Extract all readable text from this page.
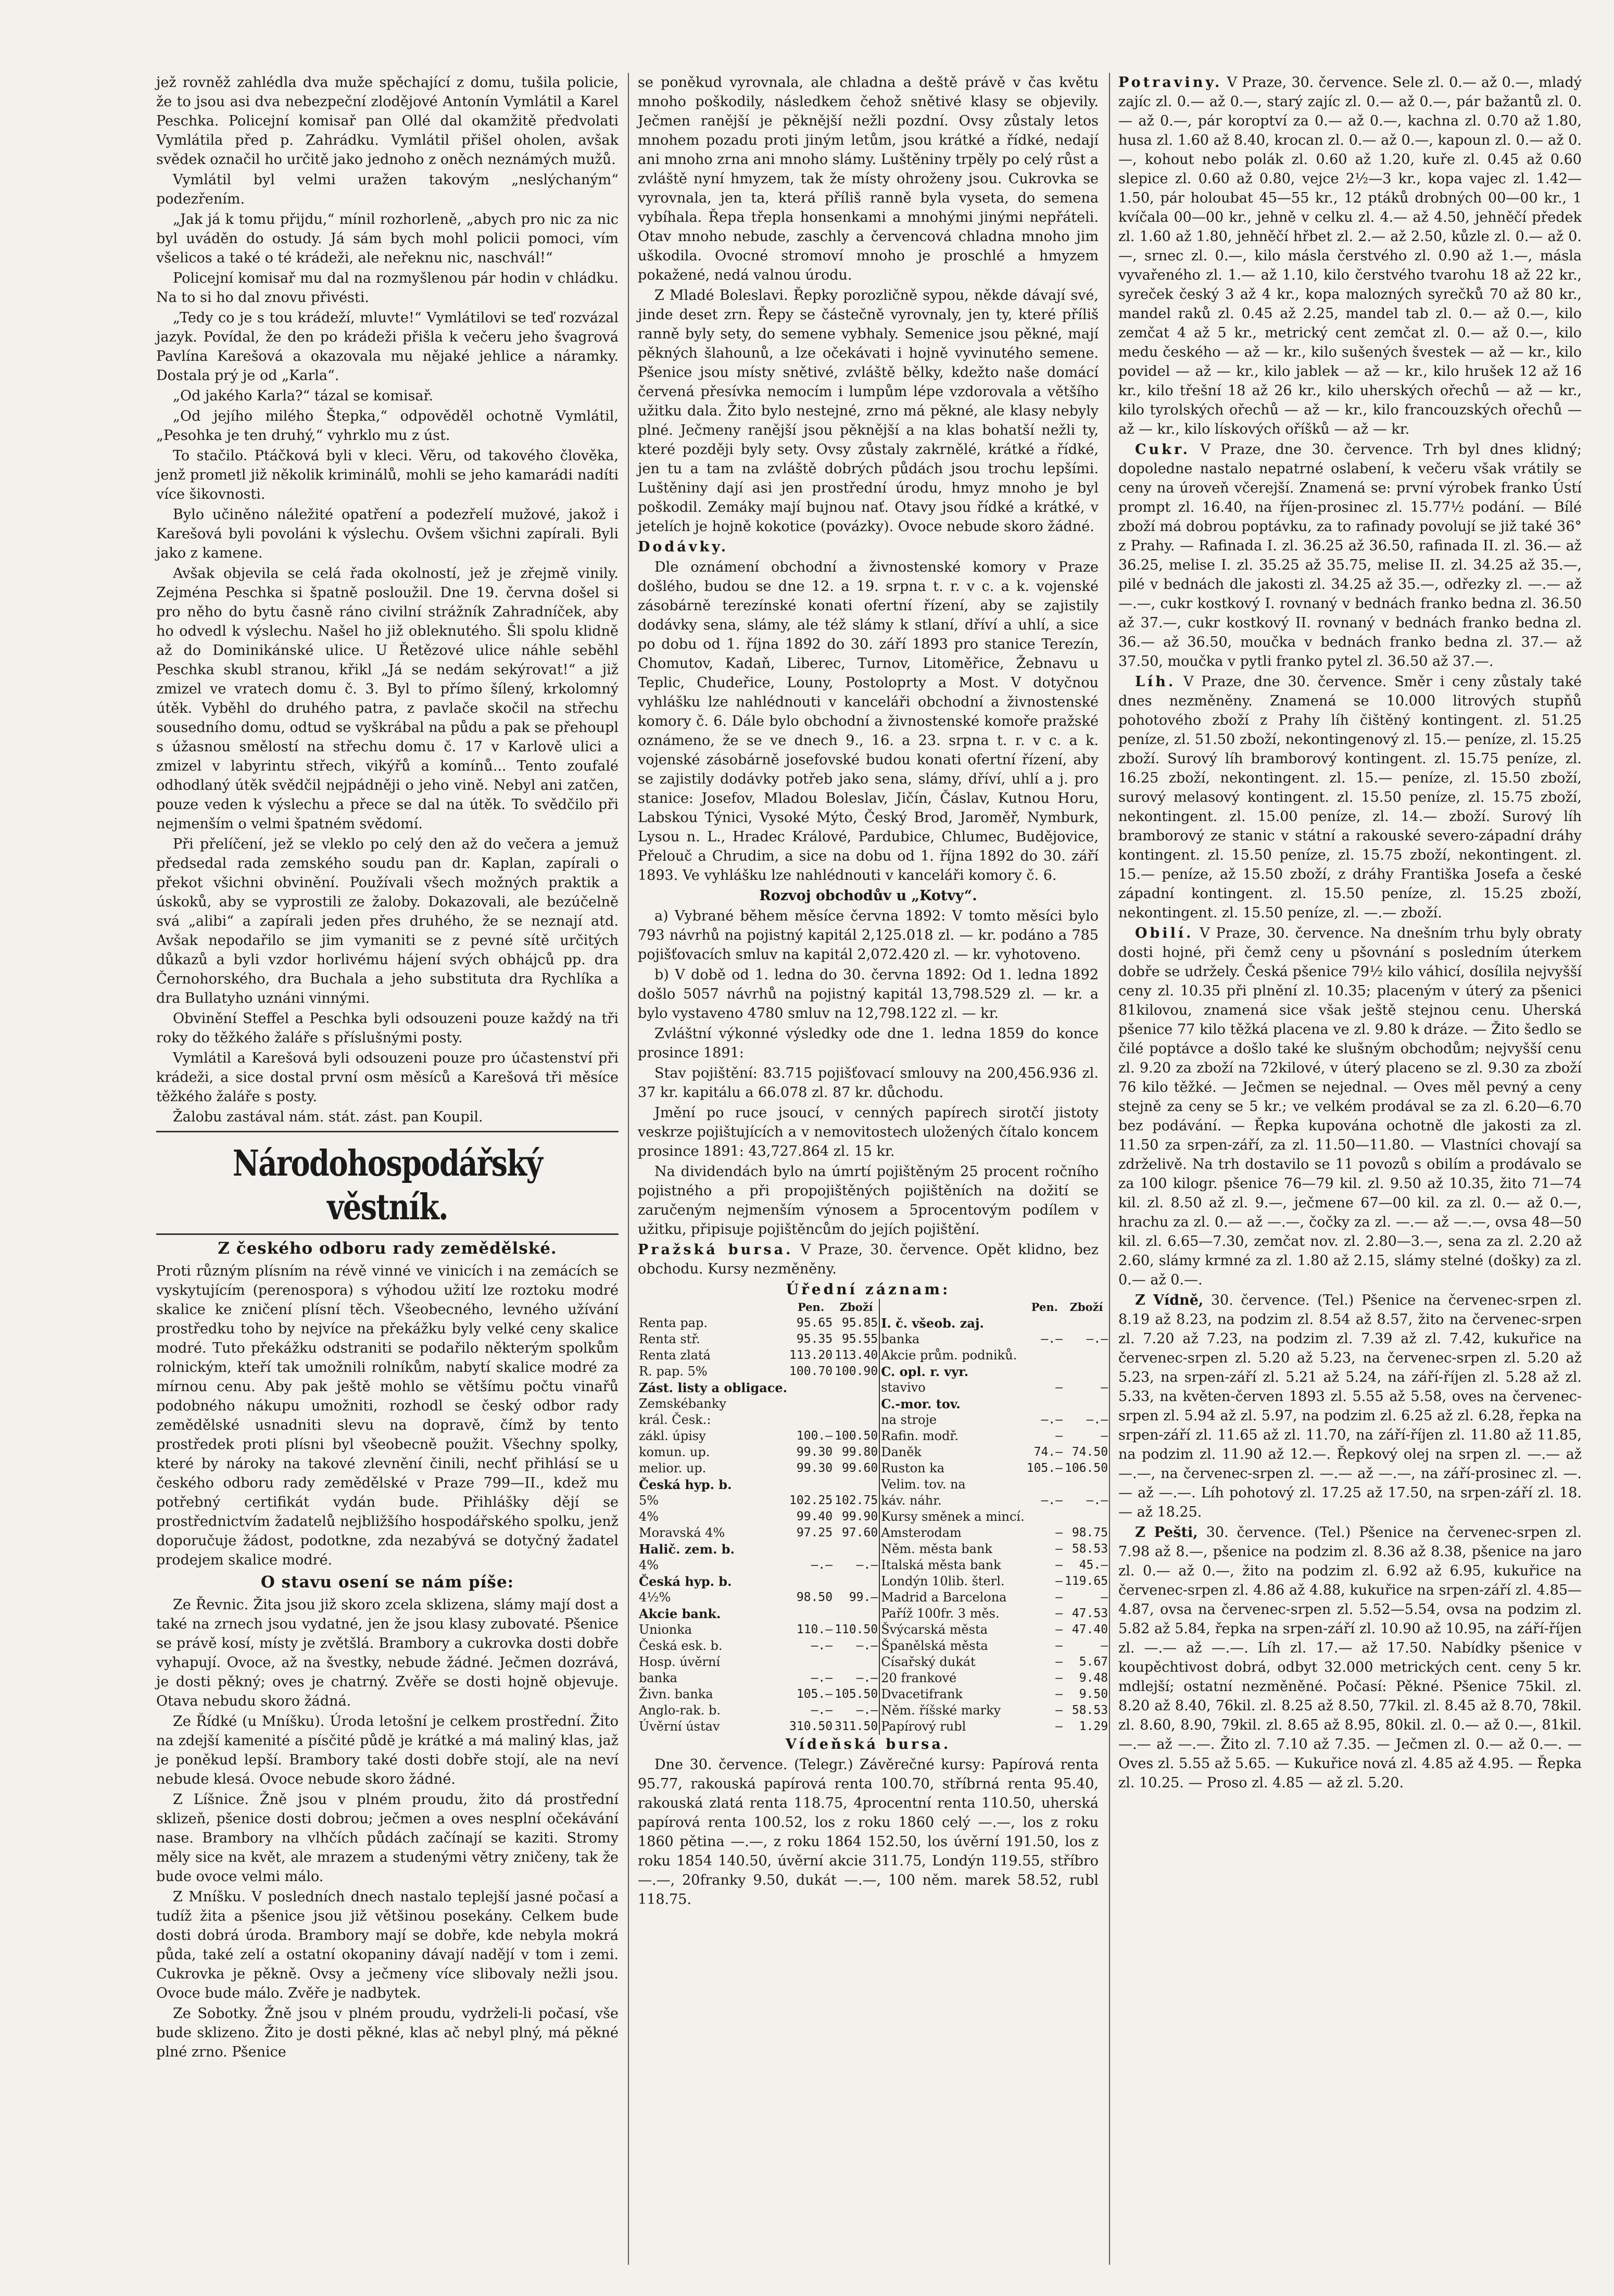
jež rovněž zahlédla dva muže spěchající z domu, tušila policie, že to jsou asi dva nebezpeční zlodějové Antonín Vymlátil a Karel Peschka. Policejní komisař pan Ollé dal okamžitě předvolati Vymlátila před p. Zahrádku. Vymlátil přišel oholen, avšak svědek označil ho určitě jako jednoho z oněch neznámých mužů.

Vymlátil byl velmi uražen takovým „neslýchaným“ podezřením.

„Jak já k tomu přijdu,“ mínil rozhorleně, „abych pro nic za nic byl uváděn do ostudy. Já sám bych mohl policii pomoci, vím všelicos a také o té krádeži, ale neřeknu nic, naschvál!“

Policejní komisař mu dal na rozmyšlenou pár hodin v chládku. Na to si ho dal znovu přivésti.

„Tedy co je s tou krádeží, mluvte!“ Vymlátilovi se teď rozvázal jazyk. Povídal, že den po krádeži přišla k večeru jeho švagrová Pavlína Karešová a okazovala mu nějaké jehlice a náramky. Dostala prý je od „Karla“.

„Od jakého Karla?“ tázal se komisař.

„Od jejího milého Štepka,“ odpověděl ochotně Vymlátil, „Pesohka je ten druhý,“ vyhrklo mu z úst.

To stačilo. Ptáčková byli v kleci. Věru, od takového člověka, jenž prometl již několik kriminálů, mohli se jeho kamarádi nadíti více šikovnosti.

Bylo učiněno náležité opatření a podezřelí mužové, jakož i Karešová byli povoláni k výslechu. Ovšem všichni zapírali. Byli jako z kamene.

Avšak objevila se celá řada okolností, jež je zřejmě vinily. Zejména Peschka si špatně posloužil. Dne 19. června došel si pro něho do bytu časně ráno civilní strážník Zahradníček, aby ho odvedl k výslechu. Našel ho již obleknutého. Šli spolu klidně až do Dominikánské ulice. U Řetězové ulice náhle seběhl Peschka skubl stranou, křikl „Já se nedám sekýrovat!“ a již zmizel ve vratech domu č. 3. Byl to přímo šílený, krkolomný útěk. Vyběhl do druhého patra, z pavlače skočil na střechu sousedního domu, odtud se vyškrábal na půdu a pak se přehoupl s úžasnou smělostí na střechu domu č. 17 v Karlově ulici a zmizel v labyrintu střech, vikýřů a komínů... Tento zoufalé odhodlaný útěk svědčil nejpádněji o jeho vině. Nebyl ani zatčen, pouze veden k výslechu a přece se dal na útěk. To svědčilo při nejmenším o velmi špatném svědomí.

Při přelíčení, jež se vleklo po celý den až do večera a jemuž předsedal rada zemského soudu pan dr. Kaplan, zapírali o překot všichni obvinění. Používali všech možných praktik a úskoků, aby se vyprostili ze žaloby. Dokazovali, ale bezúčelně svá „alibi“ a zapírali jeden přes druhého, že se neznají atd. Avšak nepodařilo se jim vymaniti se z pevné sítě určitých důkazů a byli vzdor horlivému hájení svých obhájců pp. dra Černohorského, dra Buchala a jeho substituta dra Rychlíka a dra Bullatyho uznáni vinnými.

Obvinění Steffel a Peschka byli odsouzeni pouze každý na tři roky do těžkého žaláře s příslušnými posty.

Vymlátil a Karešová byli odsouzeni pouze pro účastenství při krádeži, a sice dostal první osm měsíců a Karešová tři měsíce těžkého žaláře s posty.

Žalobu zastával nám. stát. zást. pan Koupil.

Národohospodářský věstník.
Z českého odboru rady zemědělské.

Proti různým plísním na révě vinné ve vinicích i na zemácích se vyskytujícím (perenospora) s výhodou užití lze roztoku modré skalice ke zničení plísní těch. Všeobecného, levného užívání prostředku toho by nejvíce na překážku byly velké ceny skalice modré. Tuto překážku odstraniti se podařilo některým spolkům rolnickým, kteří tak umožnili rolníkům, nabytí skalice modré za mírnou cenu. Aby pak ještě mohlo se většímu počtu vinařů podobného nákupu umožniti, rozhodl se český odbor rady zemědělské usnadniti slevu na dopravě, čímž by tento prostředek proti plísni byl všeobecně použit. Všechny spolky, které by nároky na takové zlevnění činili, nechť přihlásí se u českého odboru rady zemědělské v Praze 799—II., kdež mu potřebný certifikát vydán bude. Přihlášky dějí se prostřednictvím žadatelů nejbližšího hospodářského spolku, jenž doporučuje žádost, podotkne, zda nezabývá se dotyčný žadatel prodejem skalice modré.

O stavu osení se nám píše:

Ze Řevnic. Žita jsou již skoro zcela sklizena, slámy mají dost a také na zrnech jsou vydatné, jen že jsou klasy zubovaté. Pšenice se právě kosí, místy je zvětšlá. Brambory a cukrovka dosti dobře vyhapují. Ovoce, až na švestky, nebude žádné. Ječmen dozrává, je dosti pěkný; oves je chatrný. Zvěře se dosti hojně objevuje. Otava nebudu skoro žádná.

Ze Řídké (u Mníšku). Úroda letošní je celkem prostřední. Žito na zdejší kamenité a písčité půdě je krátké a má maliný klas, jaž je poněkud lepší. Brambory také dosti dobře stojí, ale na neví nebude klesá. Ovoce nebude skoro žádné.

Z Líšnice. Žně jsou v plném proudu, žito dá prostřední sklizeň, pšenice dosti dobrou; ječmen a oves nesplní očekávání nase. Brambory na vlhčích půdách začínají se kaziti. Stromy měly sice na květ, ale mrazem a studenými větry zničeny, tak že bude ovoce velmi málo.

Z Mníšku. V posledních dnech nastalo teplejší jasné počasí a tudíž žita a pšenice jsou již většinou posekány. Celkem bude dosti dobrá úroda. Brambory mají se dobře, kde nebyla mokrá půda, také zelí a ostatní okopaniny dávají nadějí v tom i zemi. Cukrovka je pěkně. Ovsy a ječmeny více slibovaly nežli jsou. Ovoce bude málo. Zvěře je nadbytek.

Ze Sobotky. Žně jsou v plném proudu, vydrželi-li počasí, vše bude sklizeno. Žito je dosti pěkné, klas ač nebyl plný, má pěkné plné zrno. Pšenice

se poněkud vyrovnala, ale chladna a deště právě v čas květu mnoho poškodily, následkem čehož snětivé klasy se objevily. Ječmen ranější je pěknější nežli pozdní. Ovsy zůstaly letos mnohem pozadu proti jiným letům, jsou krátké a řídké, nedají ani mnoho zrna ani mnoho slámy. Luštěniny trpěly po celý růst a zvláště nyní hmyzem, tak že místy ohroženy jsou. Cukrovka se vyrovnala, jen ta, která příliš ranně byla vyseta, do semena vybíhala. Řepa třepla honsenkami a mnohými jinými nepřáteli. Otav mnoho nebude, zaschly a červencová chladna mnoho jim uškodila. Ovocné stromoví mnoho je proschlé a hmyzem pokažené, nedá valnou úrodu.

Z Mladé Boleslavi. Řepky porozličně sypou, někde dávají své, jinde deset zrn. Řepy se částečně vyrovnaly, jen ty, které příliš ranně byly sety, do semene vybhaly. Semenice jsou pěkné, mají pěkných šlahounů, a lze očekávati i hojně vyvinutého semene. Pšenice jsou místy snětivé, zvláště bělky, kdežto naše domácí červená přesívka nemocím i lumpům lépe vzdorovala a většího užitku dala. Žito bylo nestejné, zrno má pěkné, ale klasy nebyly plné. Ječmeny ranější jsou pěknější a na klas bohatší nežli ty, které později byly sety. Ovsy zůstaly zakrnělé, krátké a řídké, jen tu a tam na zvláště dobrých půdách jsou trochu lepšími. Luštěniny dají asi jen prostřední úrodu, hmyz mnoho je byl poškodil. Zemáky mají bujnou nať. Otavy jsou řídké a krátké, v jetelích je hojně kokotice (povázky). Ovoce nebude skoro žádné.

Dodávky.

Dle oznámení obchodní a živnostenské komory v Praze došlého, budou se dne 12. a 19. srpna t. r. v c. a k. vojenské zásobárně terezínské konati ofertní řízení, aby se zajistily dodávky sena, slámy, ale též slámy k stlaní, dříví a uhlí, a sice po dobu od 1. října 1892 do 30. září 1893 pro stanice Terezín, Chomutov, Kadaň, Liberec, Turnov, Litoměřice, Žebnavu u Teplic, Chudeřice, Louny, Postoloprty a Most. V dotyčnou vyhlášku lze nahlédnouti v kanceláři obchodní a živnostenské komory č. 6. Dále bylo obchodní a živnostenské komoře pražské oznámeno, že se ve dnech 9., 16. a 23. srpna t. r. v c. a k. vojenské zásobárně josefovské budou konati ofertní řízení, aby se zajistily dodávky potřeb jako sena, slámy, dříví, uhlí a j. pro stanice: Josefov, Mladou Boleslav, Jičín, Čáslav, Kutnou Horu, Labskou Týnici, Vysoké Mýto, Český Brod, Jaroměř, Nymburk, Lysou n. L., Hradec Králové, Pardubice, Chlumec, Budějovice, Přelouč a Chrudim, a sice na dobu od 1. října 1892 do 30. září 1893. Ve vyhlášku lze nahlédnouti v kanceláři komory č. 6.

Rozvoj obchodův u „Kotvy“.

a) Vybrané během měsíce června 1892: V tomto měsíci bylo 793 návrhů na pojistný kapitál 2,125.018 zl. — kr. podáno a 785 pojišťovacích smluv na kapitál 2,072.420 zl. — kr. vyhotoveno.

b) V době od 1. ledna do 30. června 1892: Od 1. ledna 1892 došlo 5057 návrhů na pojistný kapitál 13,798.529 zl. — kr. a bylo vystaveno 4780 smluv na 12,798.122 zl. — kr.

Zvláštní výkonné výsledky ode dne 1. ledna 1859 do konce prosince 1891:

Stav pojištění: 83.715 pojišťovací smlouvy na 200,456.936 zl. 37 kr. kapitálu a 66.078 zl. 87 kr. důchodu.

Jmění po ruce jsoucí, v cenných papírech sirotčí jistoty veskrze pojištujících a v nemovitostech uložených čítalo koncem prosince 1891: 43,727.864 zl. 15 kr.

Na dividendách bylo na úmrtí pojištěným 25 procent ročního pojistného a při propojištěných pojištěních na dožití se zaručeným nejmenším výnosem a 5procentovým podílem v užitku, připisuje pojištěncům do jejích pojištění.

Pražská bursa. V Praze, 30. července. Opět klidno, bez obchodu. Kursy nezměněny.

Úřední záznam:
	Pen.	Zboží		Pen.	Zboží
Renta pap.	95.65	95.85	I. č. všeob. zaj.		
Renta stř.	95.35	95.55	banka	—.—	—.—
Renta zlatá	113.20	113.40	Akcie prům. podniků.		
R. pap. 5%	100.70	100.90	C. opl. r. vyr.		
Zást. listy a obligace.			stavivo	—	—
Zemskébanky			C.-mor. tov.		
král. Česk.:			na stroje	—.—	—.—
zákl. úpisy	100.—	100.50	Rafin. modř.	—	—
komun. up.	99.30	99.80	Daněk	74.—	74.50
melior. up.	99.30	99.60	Ruston ka	105.—	106.50
Česká hyp. b.			Velim. tov. na		
5%	102.25	102.75	káv. náhr.	—.—	—.—
4%	99.40	99.90	Kursy směnek a mincí.		
Moravská 4%	97.25	97.60	Amsterodam	—	98.75
Halič. zem. b.			Něm. města bank	—	58.53
4%	—.—	—.—	Italská města bank	—	45.—
Česká hyp. b.			Londýn 10lib. šterl.	—	119.65
4½%	98.50	99.—	Madrid a Barcelona	—	—
Akcie bank.			Paříž 100fr. 3 měs.	—	47.53
Unionka	110.—	110.50	Švýcarská města	—	47.40
Česká esk. b.	—.—	—.—	Španělská města	—	—
Hosp. úvěrní			Císařský dukát	—	5.67
banka	—.—	—.—	20 frankové	—	9.48
Živn. banka	105.—	105.50	Dvacetifrank	—	9.50
Anglo-rak. b.	—.—	—.—	Něm. říšské marky	—	58.53
Úvěrní ústav	310.50	311.50	Papírový rubl	—	1.29

Vídeňská bursa.

Dne 30. července. (Telegr.) Závěrečné kursy: Papírová renta 95.77, rakouská papírová renta 100.70, stříbrná renta 95.40, rakouská zlatá renta 118.75, 4procentní renta 110.50, uherská papírová renta 100.52, los z roku 1860 celý —.—, los z roku 1860 pětina —.—, z roku 1864 152.50, los úvěrní 191.50, los z roku 1854 140.50, úvěrní akcie 311.75, Londýn 119.55, stříbro —.—, 20franky 9.50, dukát —.—, 100 něm. marek 58.52, rubl 118.75.

Potraviny. V Praze, 30. července. Sele zl. 0.— až 0.—, mladý zajíc zl. 0.— až 0.—, starý zajíc zl. 0.— až 0.—, pár bažantů zl. 0.— až 0.—, pár koroptví za 0.— až 0.—, kachna zl. 0.70 až 1.80, husa zl. 1.60 až 8.40, krocan zl. 0.— až 0.—, kapoun zl. 0.— až 0.—, kohout nebo polák zl. 0.60 až 1.20, kuře zl. 0.45 až 0.60 slepice zl. 0.60 až 0.80, vejce 2½—3 kr., kopa vajec zl. 1.42—1.50, pár holoubat 45—55 kr., 12 ptáků drobných 00—00 kr., 1 kvíčala 00—00 kr., jehně v celku zl. 4.— až 4.50, jehněčí předek zl. 1.60 až 1.80, jehněčí hřbet zl. 2.— až 2.50, kůzle zl. 0.— až 0.—, srnec zl. 0.—, kilo másla čerstvého zl. 0.90 až 1.—, másla vyvařeného zl. 1.— až 1.10, kilo čerstvého tvarohu 18 až 22 kr., syreček český 3 až 4 kr., kopa malozných syrečků 70 až 80 kr., mandel raků zl. 0.45 až 2.25, mandel tab zl. 0.— až 0.—, kilo zemčat 4 až 5 kr., metrický cent zemčat zl. 0.— až 0.—, kilo medu českého — až — kr., kilo sušených švestek — až — kr., kilo povidel — až — kr., kilo jablek — až — kr., kilo hrušek 12 až 16 kr., kilo třešní 18 až 26 kr., kilo uherských ořechů — až — kr., kilo tyrolských ořechů — až — kr., kilo francouzských ořechů — až — kr., kilo lískových oříšků — až — kr.

Cukr. V Praze, dne 30. července. Trh byl dnes klidný; dopoledne nastalo nepatrné oslabení, k večeru však vrátily se ceny na úroveň včerejší. Znamená se: první výrobek franko Ústí prompt zl. 16.40, na říjen-prosinec zl. 15.77½ podání. — Bílé zboží má dobrou poptávku, za to rafinady povolují se již také 36° z Prahy. — Rafinada I. zl. 36.25 až 36.50, rafinada II. zl. 36.— až 36.25, melise I. zl. 35.25 až 35.75, melise II. zl. 34.25 až 35.—, pilé v bednách dle jakosti zl. 34.25 až 35.—, odřezky zl. —.— až —.—, cukr kostkový I. rovnaný v bednách franko bedna zl. 36.50 až 37.—, cukr kostkový II. rovnaný v bednách franko bedna zl. 36.— až 36.50, moučka v bednách franko bedna zl. 37.— až 37.50, moučka v pytli franko pytel zl. 36.50 až 37.—.

Líh. V Praze, dne 30. července. Směr i ceny zůstaly také dnes nezměněny. Znamená se 10.000 litrových stupňů pohotového zboží z Prahy líh čištěný kontingent. zl. 51.25 peníze, zl. 51.50 zboží, nekontingenový zl. 15.— peníze, zl. 15.25 zboží. Surový líh bramborový kontingent. zl. 15.75 peníze, zl. 16.25 zboží, nekontingent. zl. 15.— peníze, zl. 15.50 zboží, surový melasový kontingent. zl. 15.50 peníze, zl. 15.75 zboží, nekontingent. zl. 15.00 peníze, zl. 14.— zboží. Surový líh bramborový ze stanic v státní a rakouské severo-západní dráhy kontingent. zl. 15.50 peníze, zl. 15.75 zboží, nekontingent. zl. 15.— peníze, až 15.50 zboží, z dráhy Františka Josefa a české západní kontingent. zl. 15.50 peníze, zl. 15.25 zboží, nekontingent. zl. 15.50 peníze, zl. —.— zboží.

Obilí. V Praze, 30. července. Na dnešním trhu byly obraty dosti hojné, při čemž ceny u pšovnání s posledním úterkem dobře se udržely. Česká pšenice 79½ kilo váhicí, dosílila nejvyšší ceny zl. 10.35 při plnění zl. 10.35; placeným v úterý za pšenici 81kilovou, znamená sice však ještě stejnou cenu. Uherská pšenice 77 kilo těžká placena ve zl. 9.80 k dráze. — Žito šedlo se čilé poptávce a došlo také ke slušným obchodům; nejvyšší cenu zl. 9.20 za zboží na 72kilové, v úterý placeno se zl. 9.30 za zboží 76 kilo těžké. — Ječmen se nejednal. — Oves měl pevný a ceny stejně za ceny se 5 kr.; ve velkém prodával se za zl. 6.20—6.70 bez podávání. — Řepka kupována ochotně dle jakosti za zl. 11.50 za srpen-září, za zl. 11.50—11.80. — Vlastníci chovají sa zdrželivě. Na trh dostavilo se 11 povozů s obilím a prodávalo se za 100 kilogr. pšenice 76—79 kil. zl. 9.50 až 10.35, žito 71—74 kil. zl. 8.50 až zl. 9.—, ječmene 67—00 kil. za zl. 0.— až 0.—, hrachu za zl. 0.— až —.—, čočky za zl. —.— až —.—, ovsa 48—50 kil. zl. 6.65—7.30, zemčat nov. zl. 2.80—3.—, sena za zl. 2.20 až 2.60, slámy krmné za zl. 1.80 až 2.15, slámy stelné (došky) za zl. 0.— až 0.—.

Z Vídně, 30. července. (Tel.) Pšenice na červenec-srpen zl. 8.19 až 8.23, na podzim zl. 8.54 až 8.57, žito na červenec-srpen zl. 7.20 až 7.23, na podzim zl. 7.39 až zl. 7.42, kukuřice na červenec-srpen zl. 5.20 až 5.23, na červenec-srpen zl. 5.20 až 5.23, na srpen-září zl. 5.21 až 5.24, na září-říjen zl. 5.28 až zl. 5.33, na květen-červen 1893 zl. 5.55 až 5.58, oves na červenec-srpen zl. 5.94 až zl. 5.97, na podzim zl. 6.25 až zl. 6.28, řepka na srpen-září zl. 11.65 až zl. 11.70, na září-říjen zl. 11.80 až 11.85, na podzim zl. 11.90 až 12.—. Řepkový olej na srpen zl. —.— až —.—, na červenec-srpen zl. —.— až —.—, na září-prosinec zl. —.— až —.—. Líh pohotový zl. 17.25 až 17.50, na srpen-září zl. 18.— až 18.25.

Z Pešti, 30. července. (Tel.) Pšenice na červenec-srpen zl. 7.98 až 8.—, pšenice na podzim zl. 8.36 až 8.38, pšenice na jaro zl. 0.— až 0.—, žito na podzim zl. 6.92 až 6.95, kukuřice na červenec-srpen zl. 4.86 až 4.88, kukuřice na srpen-září zl. 4.85—4.87, ovsa na červenec-srpen zl. 5.52—5.54, ovsa na podzim zl. 5.82 až 5.84, řepka na srpen-září zl. 10.90 až 10.95, na září-říjen zl. —.— až —.—. Líh zl. 17.— až 17.50. Nabídky pšenice v koupěchtivost dobrá, odbyt 32.000 metrických cent. ceny 5 kr. mdlejší; ostatní nezměněné. Počasí: Pěkné. Pšenice 75kil. zl. 8.20 až 8.40, 76kil. zl. 8.25 až 8.50, 77kil. zl. 8.45 až 8.70, 78kil. zl. 8.60, 8.90, 79kil. zl. 8.65 až 8.95, 80kil. zl. 0.— až 0.—, 81kil. —.— až —.—. Žito zl. 7.10 až 7.35. — Ječmen zl. 0.— až 0.—. — Oves zl. 5.55 až 5.65. — Kukuřice nová zl. 4.85 až 4.95. — Řepka zl. 10.25. — Proso zl. 4.85 — až zl. 5.20.
